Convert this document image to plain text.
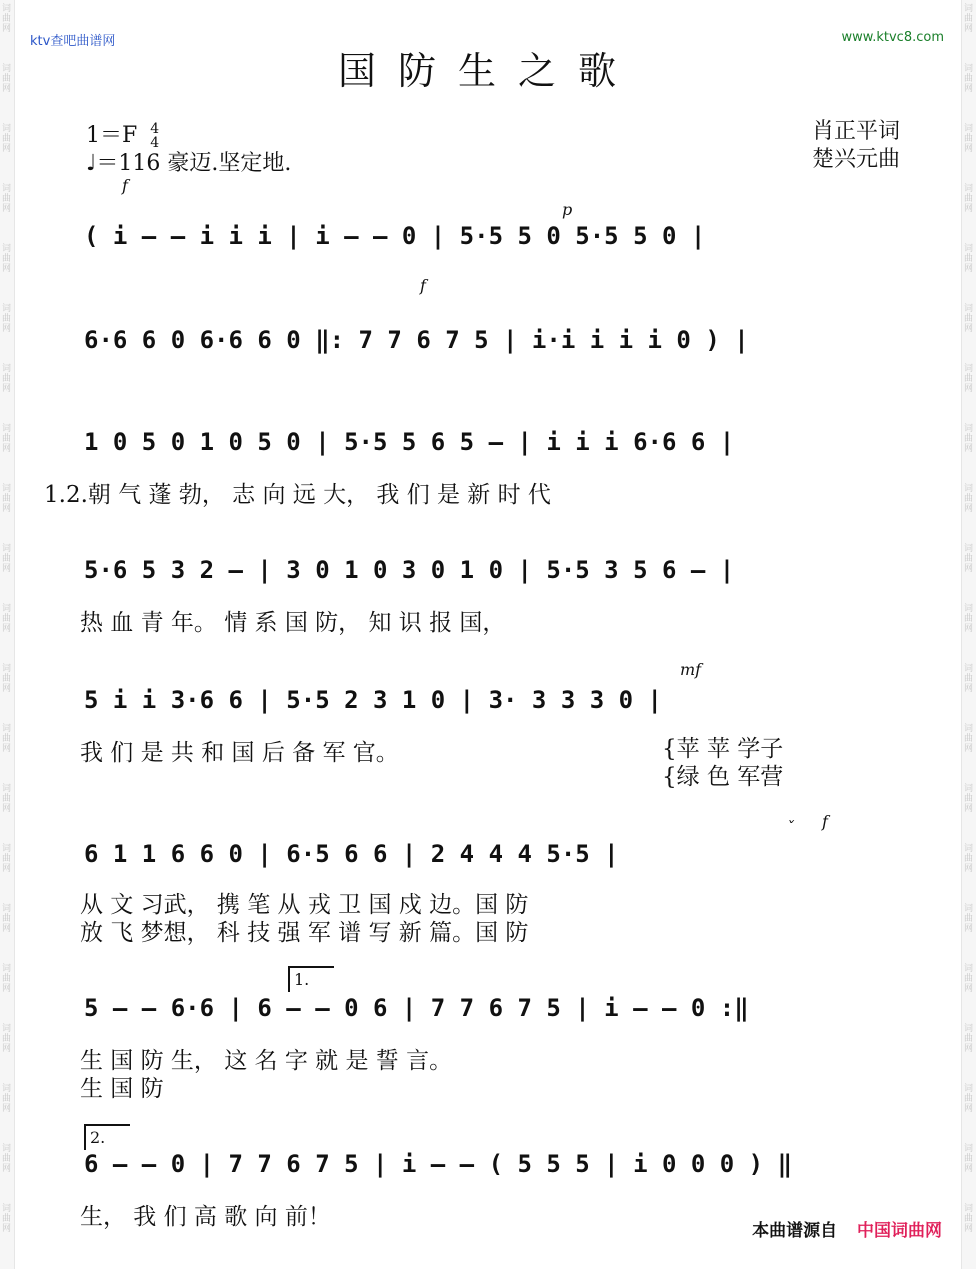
词曲网
词曲网
词曲网
词曲网
词曲网
词曲网
词曲网
词曲网
词曲网
词曲网
词曲网
词曲网
词曲网
词曲网
词曲网
词曲网
词曲网
词曲网
词曲网
词曲网
词曲网
词曲网
词曲网
词曲网
词曲网
词曲网
词曲网
词曲网
词曲网
词曲网
词曲网
词曲网
词曲网
词曲网
词曲网
词曲网
词曲网
词曲网
词曲网
词曲网
词曲网
词曲网
ktv查吧曲谱网	www.ktvc8.com
国防生之歌
1＝F 4
4
♩＝116 豪迈.坚定地.
肖正平词
楚兴元曲
f
p
f
mf
f
ˇ
( i ‒ ‒ i i i | i ‒ ‒ 0 | 5·5 5 0 5·5 5 0 |
6·6 6 0 6·6 6 0 ‖: 7 7 6 7 5 | i·i i i i 0 ) |
1 0 5 0 1 0 5 0 | 5·5 5 6 5 ‒ | i i i 6·6 6 |
1.2.朝 气 蓬 勃， 志 向 远 大， 我 们 是 新 时 代
5·6 5 3 2 ‒ | 3 0 1 0 3 0 1 0 | 5·5 3 5 6 ‒ |
热 血 青 年。 情 系 国 防， 知 识 报 国，
5 i i 3·6 6 | 5·5 2 3 1 0 | 3· 3 3 3 0 |
我 们 是 共 和 国 后 备 军 官。	{苹 苹 学子
{绿 色 军营
6 1 1 6 6 0 | 6·5 6 6 | 2 4 4 4 5·5 |
从 文 习武， 携 笔 从 戎 卫 国 戍 边。国 防
放 飞 梦想， 科 技 强 军 谱 写 新 篇。国 防
1.
5 ‒ ‒ 6·6 | 6 ‒ ‒ 0 6 | 7 7 6 7 5 | i ‒ ‒ 0 :‖
生 国 防 生， 这 名 字 就 是 誓 言。
生 国 防
2.
6 ‒ ‒ 0 | 7 7 6 7 5 | i ‒ ‒ ( 5 5 5 | i 0 0 0 ) ‖
生， 我 们 高 歌 向 前！
本曲谱源自 中国词曲网
